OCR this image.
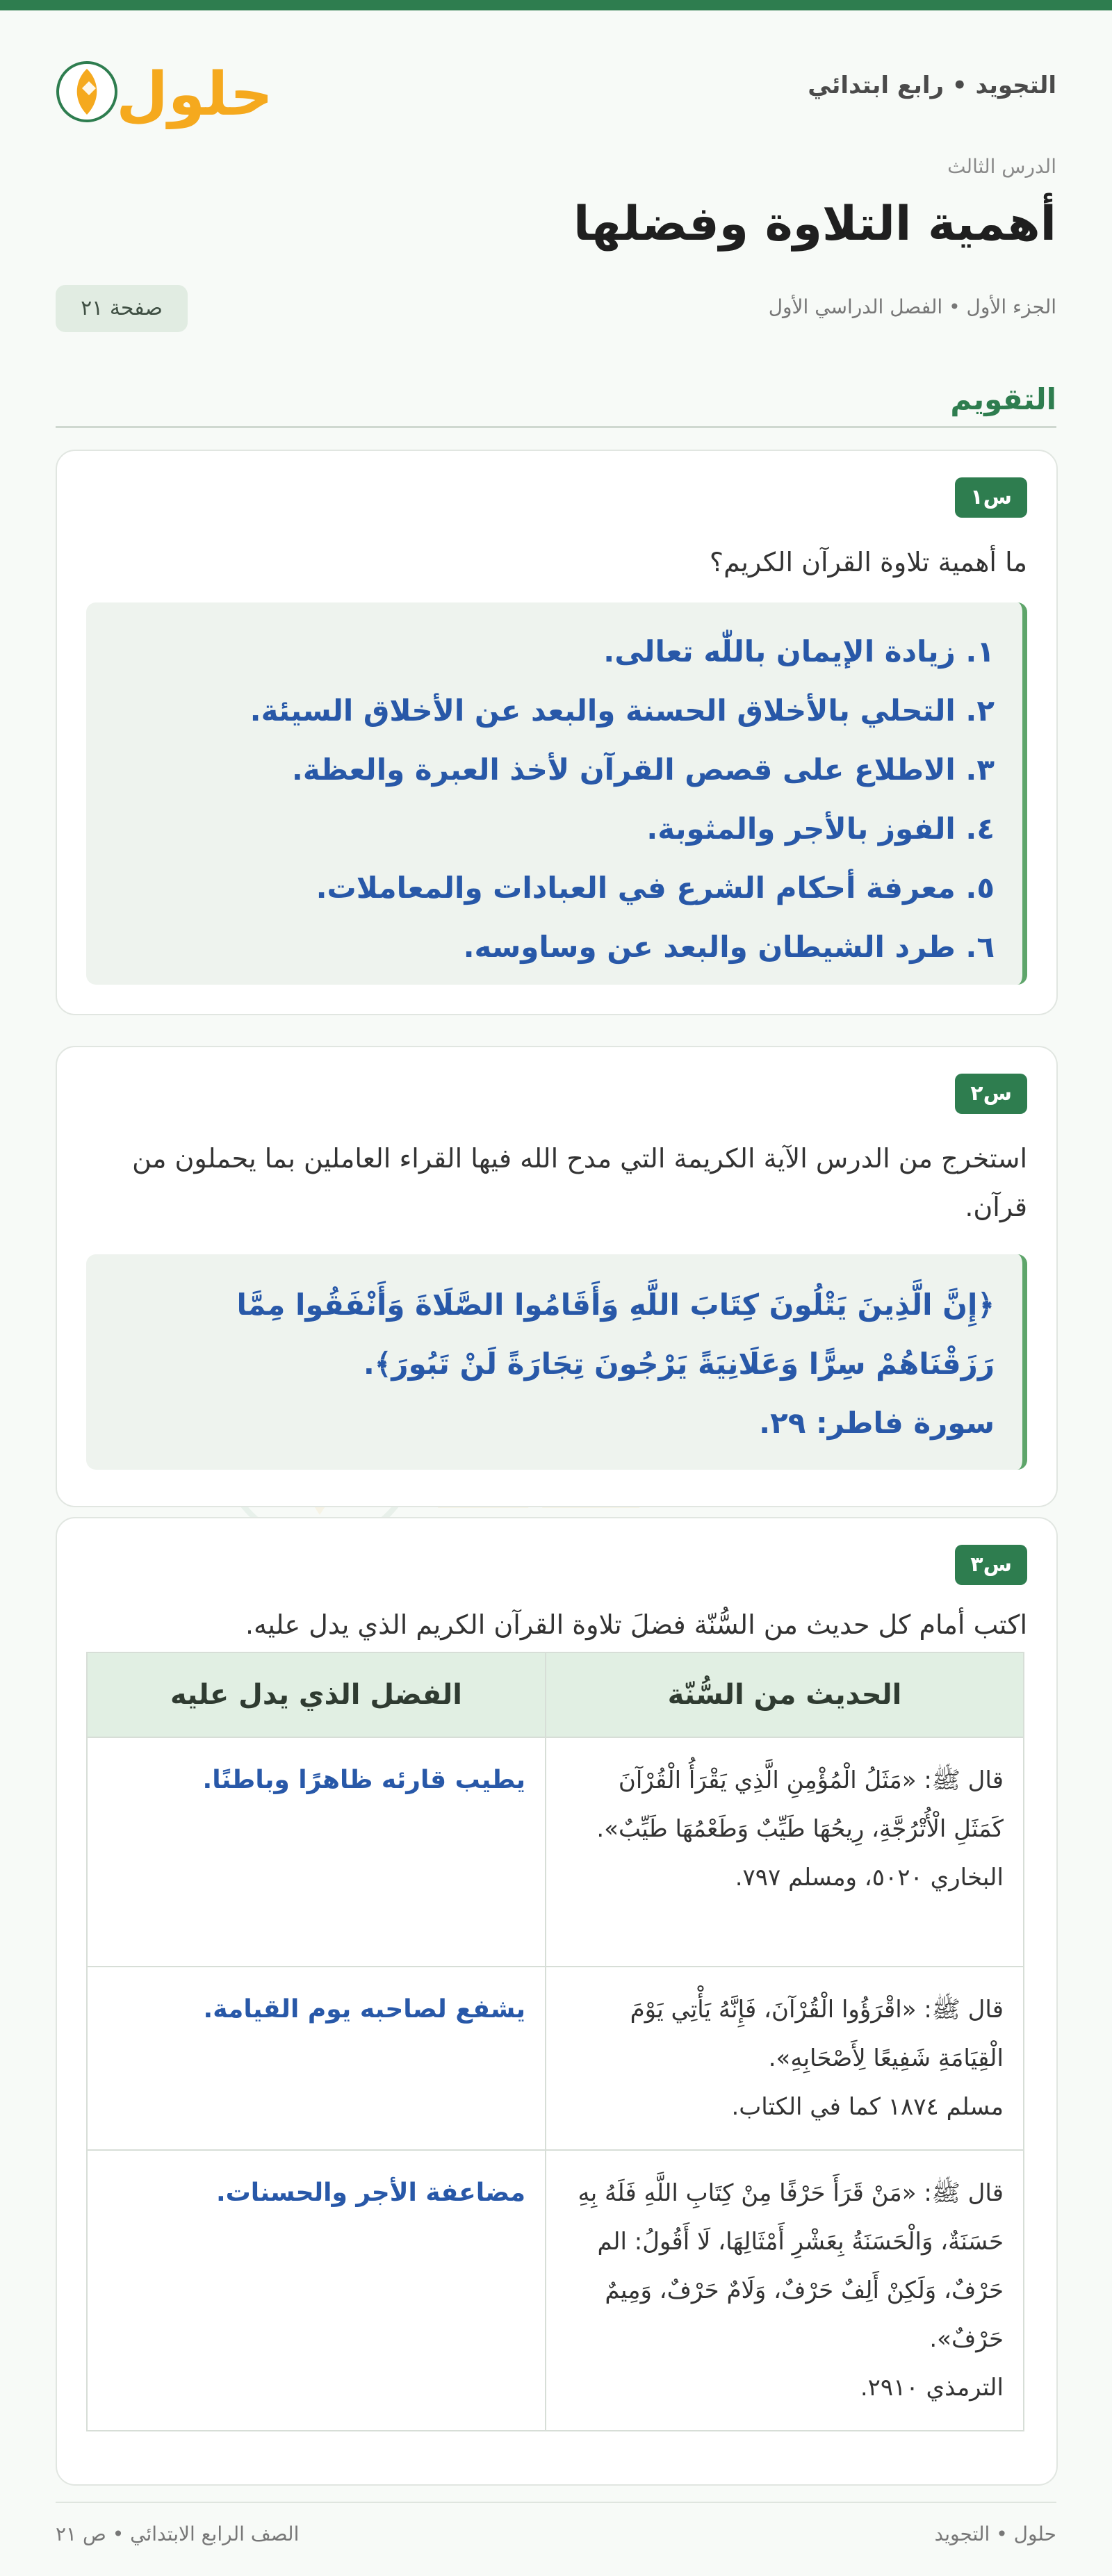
التجويد • رابع ابتدائي
حلول
الدرس الثالث
أهمية التلاوة وفضلها
الجزء الأول • الفصل الدراسي الأول
صفحة ٢١
التقويم
س١
ما أهمية تلاوة القرآن الكريم؟
١. زيادة الإيمان باللّٰه تعالى.
٢. التحلي بالأخلاق الحسنة والبعد عن الأخلاق السيئة.
٣. الاطلاع على قصص القرآن لأخذ العبرة والعظة.
٤. الفوز بالأجر والمثوبة.
٥. معرفة أحكام الشرع في العبادات والمعاملات.
٦. طرد الشيطان والبعد عن وساوسه.
س٢
استخرج من الدرس الآية الكريمة التي مدح الله فيها القراء العاملين بما يحملون من قرآن.
﴿إِنَّ الَّذِينَ يَتْلُونَ كِتَابَ اللَّهِ وَأَقَامُوا الصَّلَاةَ وَأَنْفَقُوا مِمَّا رَزَقْنَاهُمْ سِرًّا وَعَلَانِيَةً يَرْجُونَ تِجَارَةً لَنْ تَبُورَ﴾.
سورة فاطر: ٢٩.
س٣
اكتب أمام كل حديث من السُّنّة فضلَ تلاوة القرآن الكريم الذي يدل عليه.
الحديث من السُّنّة	الفضل الذي يدل عليه
قال ﷺ: «مَثَلُ الْمُؤْمِنِ الَّذِي يَقْرَأُ الْقُرْآنَ كَمَثَلِ الْأُتْرُجَّةِ، رِيحُهَا طَيِّبٌ وَطَعْمُهَا طَيِّبٌ».
البخاري ٥٠٢٠، ومسلم ٧٩٧.	يطيب قارئه ظاهرًا وباطنًا.
قال ﷺ: «اقْرَؤُوا الْقُرْآنَ، فَإِنَّهُ يَأْتِي يَوْمَ الْقِيَامَةِ شَفِيعًا لِأَصْحَابِهِ».
مسلم ١٨٧٤ كما في الكتاب.	يشفع لصاحبه يوم القيامة.
قال ﷺ: «مَنْ قَرَأَ حَرْفًا مِنْ كِتَابِ اللَّهِ فَلَهُ بِهِ حَسَنَةٌ، وَالْحَسَنَةُ بِعَشْرِ أَمْثَالِهَا، لَا أَقُولُ: الم حَرْفٌ، وَلَكِنْ أَلِفٌ حَرْفٌ، وَلَامٌ حَرْفٌ، وَمِيمٌ حَرْفٌ».
الترمذي ٢٩١٠.	مضاعفة الأجر والحسنات.
حلول • التجويد
الصف الرابع الابتدائي • ص ٢١
